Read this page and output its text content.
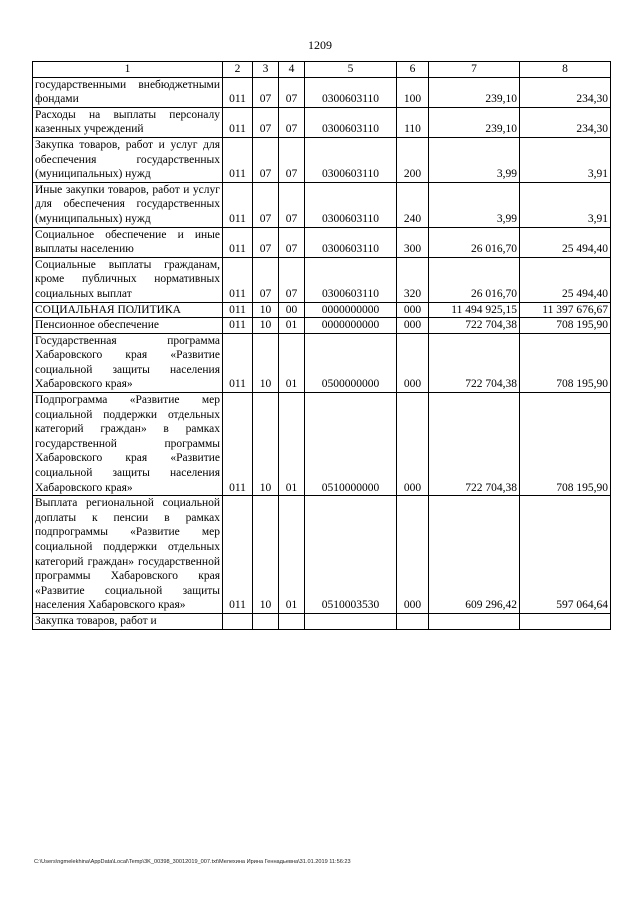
1209
1	2	3	4	5	6	7	8
государственными внебюджетными фондами	011	07	07	0300603110	100	239,10	234,30
Расходы на выплаты персоналу казенных учреждений	011	07	07	0300603110	110	239,10	234,30
Закупка товаров, работ и услуг для обеспечения государственных (муниципальных) нужд	011	07	07	0300603110	200	3,99	3,91
Иные закупки товаров, работ и услуг для обеспечения государственных (муниципальных) нужд	011	07	07	0300603110	240	3,99	3,91
Социальное обеспечение и иные выплаты населению	011	07	07	0300603110	300	26 016,70	25 494,40
Социальные выплаты гражданам, кроме публичных нормативных социальных выплат	011	07	07	0300603110	320	26 016,70	25 494,40
СОЦИАЛЬНАЯ ПОЛИТИКА	011	10	00	0000000000	000	11 494 925,15	11 397 676,67
Пенсионное обеспечение	011	10	01	0000000000	000	722 704,38	708 195,90
Государственная программа Хабаровского края «Развитие социальной защиты населения Хабаровского края»	011	10	01	0500000000	000	722 704,38	708 195,90
Подпрограмма «Развитие мер социальной поддержки отдельных категорий граждан» в рамках государственной программы Хабаровского края «Развитие социальной защиты населения Хабаровского края»	011	10	01	0510000000	000	722 704,38	708 195,90
Выплата региональной социальной доплаты к пенсии в рамках подпрограммы «Развитие мер социальной поддержки отдельных категорий граждан» государственной программы Хабаровского края «Развитие социальной защиты населения Хабаровского края»	011	10	01	0510003530	000	609 296,42	597 064,64
Закупка товаров, работ и							
C:\Users\ngmelekhina\AppData\Local\Temp\3K_00398_30012019_007.txt\Мелехина Ирина Геннадьевна\31.01.2019 11:56:23
